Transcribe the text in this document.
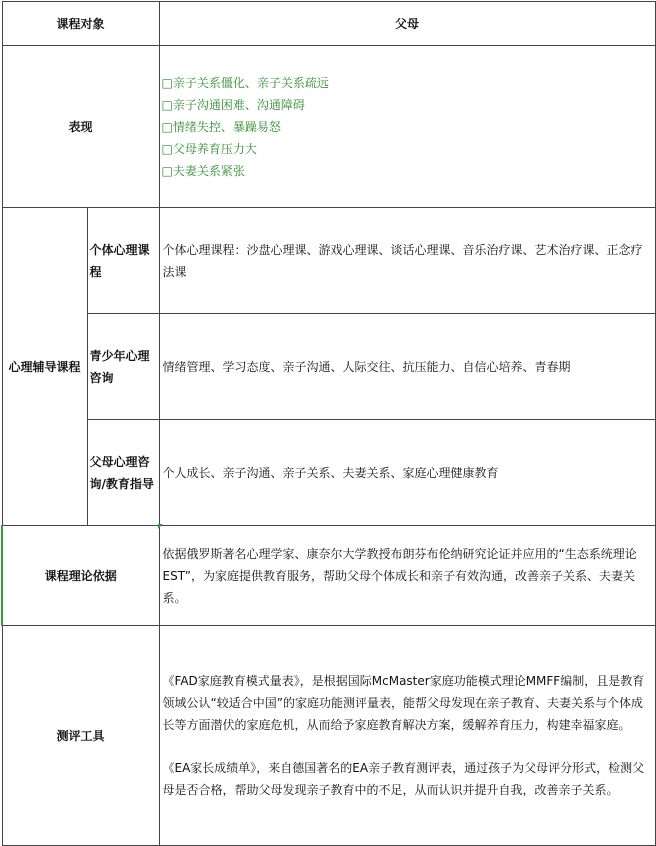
课程对象		父母
表现		□亲子关系僵化、亲子关系疏远
□亲子沟通困难、沟通障碍
□情绪失控、暴躁易怒
□父母养育压力大
□夫妻关系紧张

心理辅导课程	个体心理课程	个体心理课程：沙盘心理课、游戏心理课、谈话心理课、音乐治疗课、艺术治疗课、正念疗法课
	青少年心理咨询	情绪管理、学习态度、亲子沟通、人际交往、抗压能力、自信心培养、青春期
	父母心理咨询/教育指导	个人成长、亲子沟通、亲子关系、夫妻关系、家庭心理健康教育
课程理论依据		依据俄罗斯著名心理学家、康奈尔大学教授布朗芬布伦纳研究论证并应用的“生态系统理论EST”，为家庭提供教育服务，帮助父母个体成长和亲子有效沟通，改善亲子关系、夫妻关系。
测评工具		《FAD家庭教育模式量表》，是根据国际McMaster家庭功能模式理论MMFF编制，且是教育领域公认“较适合中国”的家庭功能测评量表，能帮父母发现在亲子教育、夫妻关系与个体成长等方面潜伏的家庭危机，从而给予家庭教育解决方案，缓解养育压力，构建幸福家庭。

《EA家长成绩单》，来自德国著名的EA亲子教育测评表，通过孩子为父母评分形式，检测父母是否合格，帮助父母发现亲子教育中的不足，从而认识并提升自我，改善亲子关系。
